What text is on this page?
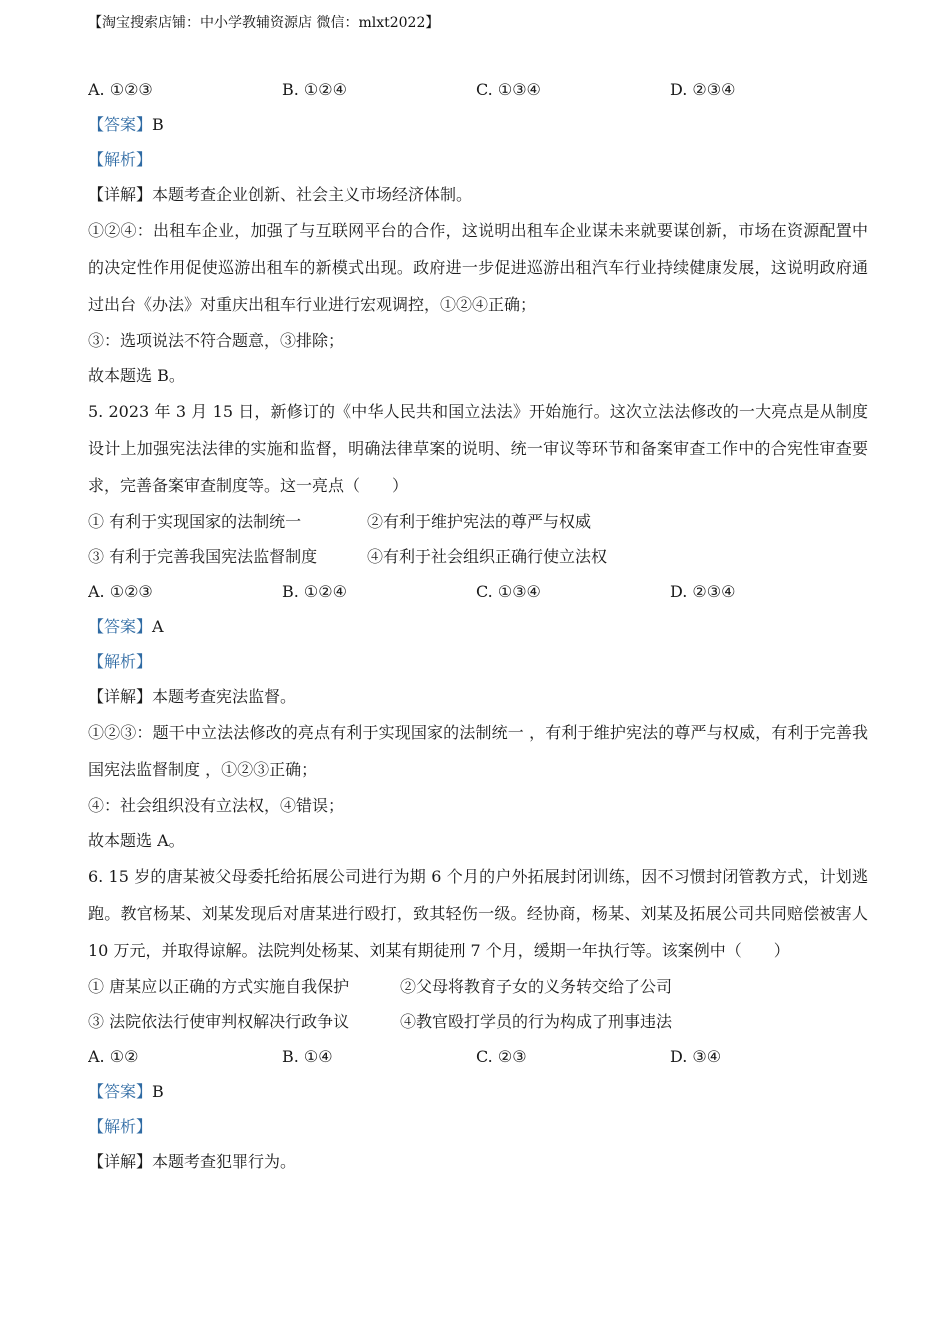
【淘宝搜索店铺：中小学教辅资源店 微信：mlxt2022】
A. ①②③	B. ①②④	C. ①③④	D. ②③④
【答案】B
【解析】
【详解】本题考查企业创新、社会主义市场经济体制。
①②④：出租车企业，加强了与互联网平台的合作，这说明出租车企业谋未来就要谋创新，市场在资源配置中的决定性作用促使巡游出租车的新模式出现。政府进一步促进巡游出租汽车行业持续健康发展，这说明政府通过出台《办法》对重庆出租车行业进行宏观调控，①②④正确；
③：选项说法不符合题意，③排除；
故本题选 B。
5. 2023 年 3 月 15 日，新修订的《中华人民共和国立法法》开始施行。这次立法法修改的一大亮点是从制度设计上加强宪法法律的实施和监督，明确法律草案的说明、统一审议等环节和备案审查工作中的合宪性审查要求，完善备案审查制度等。这一亮点（　　）
① 有利于实现国家的法制统一	②有利于维护宪法的尊严与权威
③ 有利于完善我国宪法监督制度	④有利于社会组织正确行使立法权
A. ①②③	B. ①②④	C. ①③④	D. ②③④
【答案】A
【解析】
【详解】本题考查宪法监督。
①②③：题干中立法法修改的亮点有利于实现国家的法制统一 ，有利于维护宪法的尊严与权威，有利于完善我国宪法监督制度 ，①②③正确；
④：社会组织没有立法权，④错误；
故本题选 A。
6. 15 岁的唐某被父母委托给拓展公司进行为期 6 个月的户外拓展封闭训练，因不习惯封闭管教方式，计划逃跑。教官杨某、刘某发现后对唐某进行殴打，致其轻伤一级。经协商，杨某、刘某及拓展公司共同赔偿被害人 10 万元，并取得谅解。法院判处杨某、刘某有期徒刑 7 个月，缓期一年执行等。该案例中（　　）
① 唐某应以正确的方式实施自我保护	②父母将教育子女的义务转交给了公司
③ 法院依法行使审判权解决行政争议	④教官殴打学员的行为构成了刑事违法
A. ①②	B. ①④	C. ②③	D. ③④
【答案】B
【解析】
【详解】本题考查犯罪行为。
